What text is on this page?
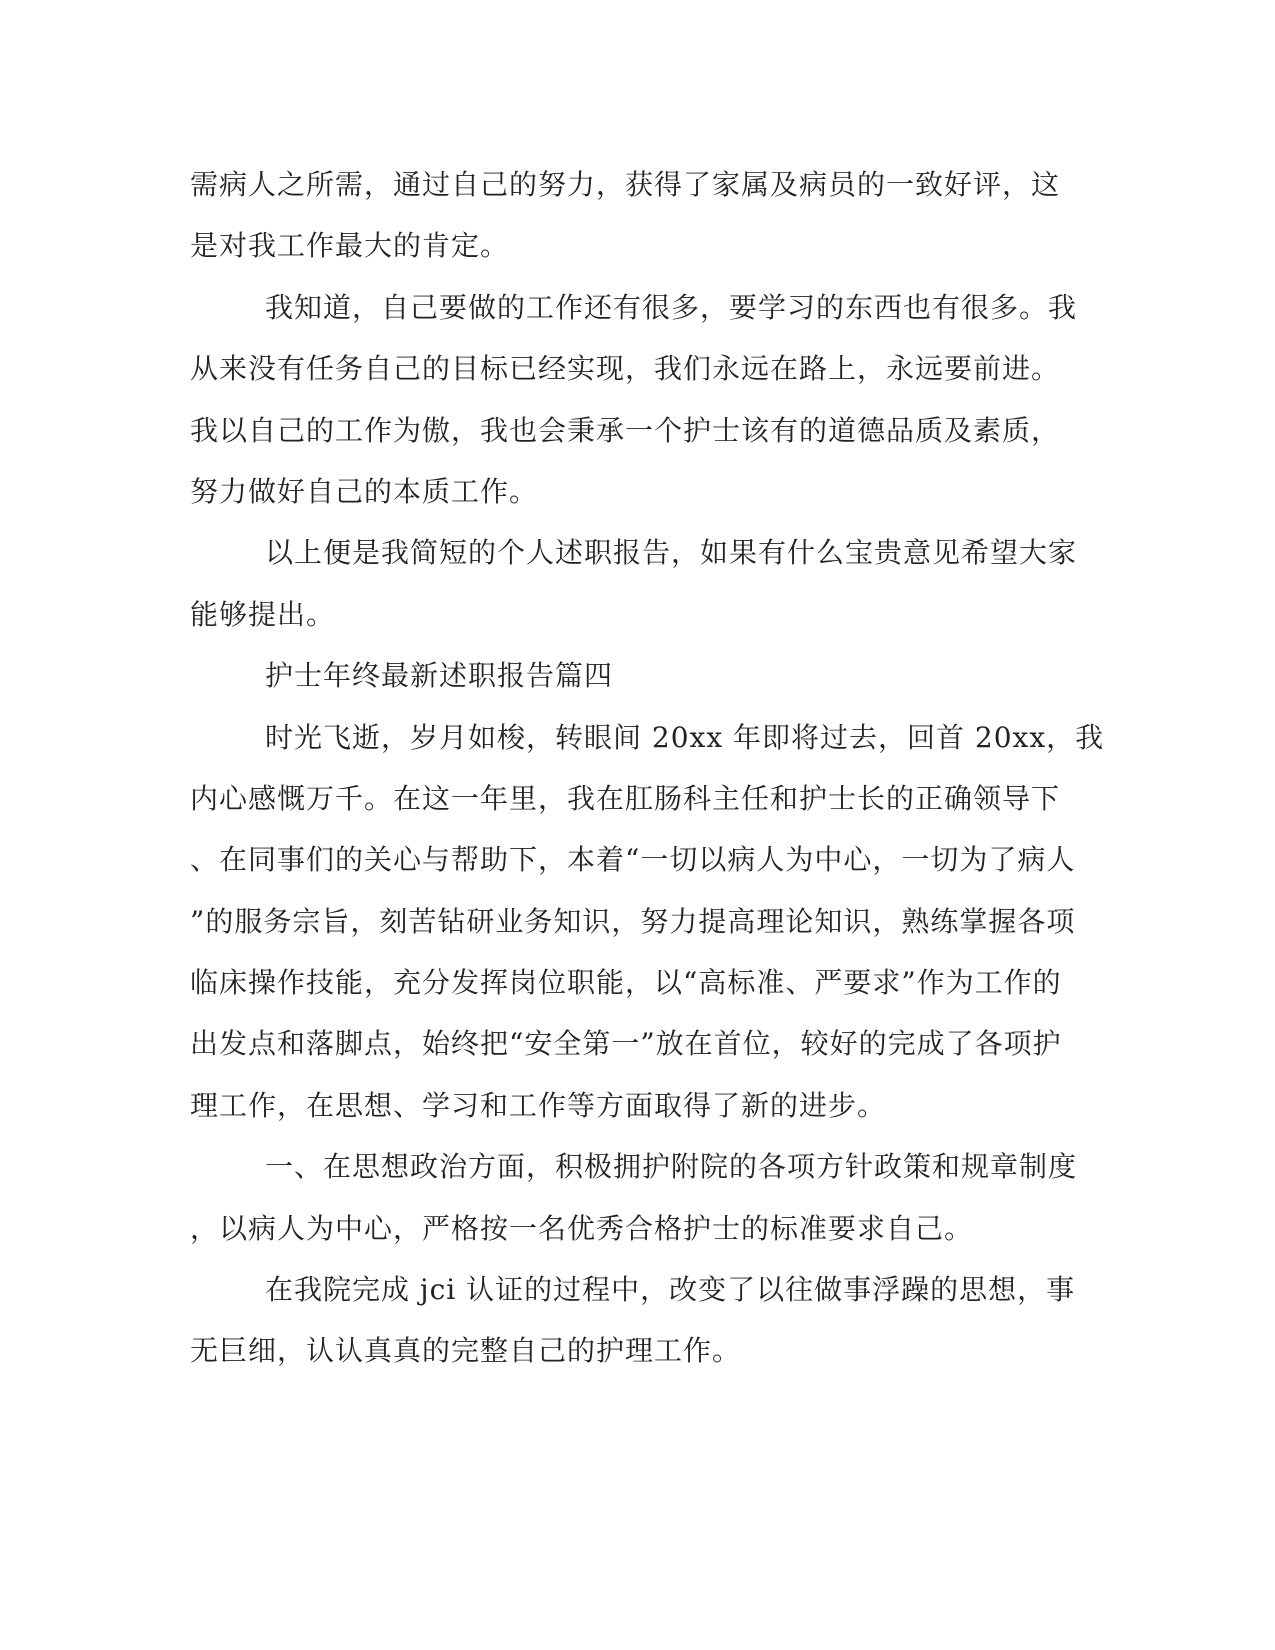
需病人之所需，通过自己的努力，获得了家属及病员的一致好评，这

是对我工作最大的肯定。

我知道，自己要做的工作还有很多，要学习的东西也有很多。我

从来没有任务自己的目标已经实现，我们永远在路上，永远要前进。

我以自己的工作为傲，我也会秉承一个护士该有的道德品质及素质，

努力做好自己的本质工作。

以上便是我简短的个人述职报告，如果有什么宝贵意见希望大家

能够提出。

护士年终最新述职报告篇四

时光飞逝，岁月如梭，转眼间 20xx 年即将过去，回首 20xx，我

内心感慨万千。在这一年里，我在肛肠科主任和护士长的正确领导下

、在同事们的关心与帮助下，本着“一切以病人为中心，一切为了病人

”的服务宗旨，刻苦钻研业务知识，努力提高理论知识，熟练掌握各项

临床操作技能，充分发挥岗位职能，以“高标准、严要求”作为工作的

出发点和落脚点，始终把“安全第一”放在首位，较好的完成了各项护

理工作，在思想、学习和工作等方面取得了新的进步。

一、在思想政治方面，积极拥护附院的各项方针政策和规章制度

，以病人为中心，严格按一名优秀合格护士的标准要求自己。

在我院完成 jci 认证的过程中，改变了以往做事浮躁的思想，事

无巨细，认认真真的完整自己的护理工作。
